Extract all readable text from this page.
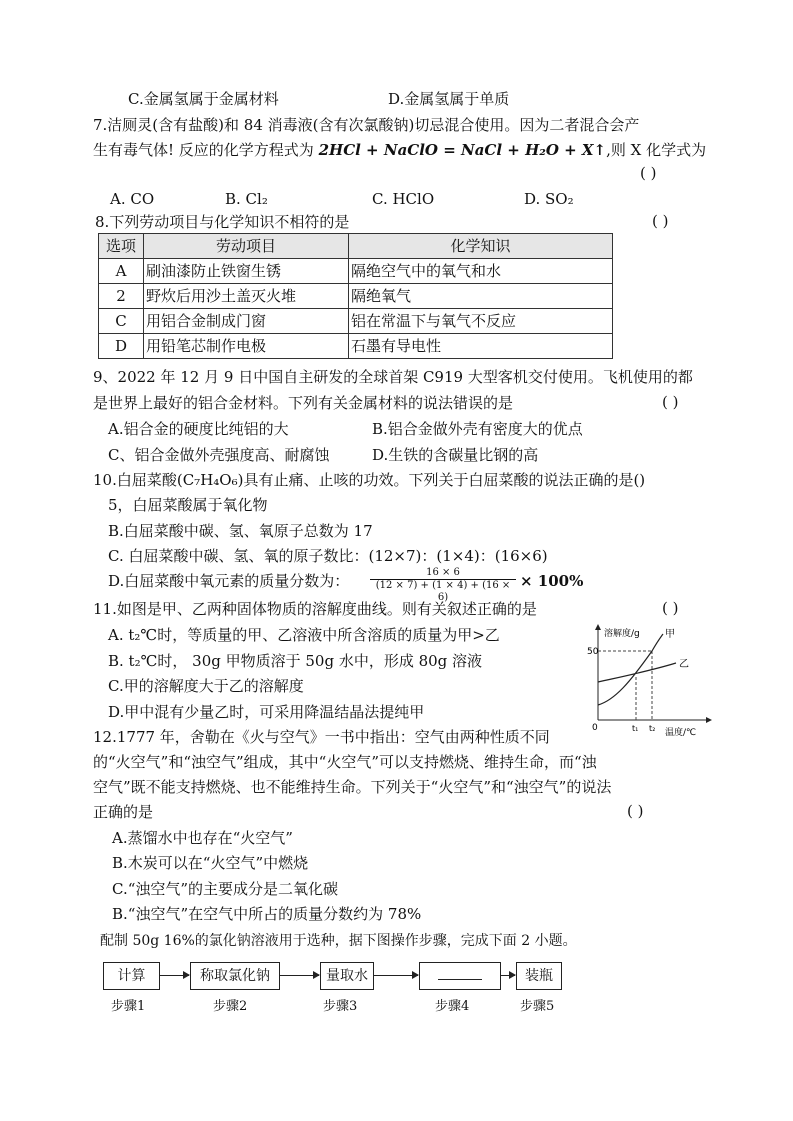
C.金属氢属于金属材料	D.金属氢属于单质
7.洁厕灵(含有盐酸)和 84 消毒液(含有次氯酸钠)切忌混合使用。因为二者混合会产
生有毒气体! 反应的化学方程式为 2HCl + NaClO = NaCl + H₂O + X↑,则 X 化学式为
( )
A. CO	B. Cl₂	C. HClO	D. SO₂
8.下列劳动项目与化学知识不相符的是	( )
选项	劳动项目	化学知识
A	刷油漆防止铁窗生锈	隔绝空气中的氧气和水
2	野炊后用沙土盖灭火堆	隔绝氧气
C	用铝合金制成门窗	铝在常温下与氧气不反应
D	用铅笔芯制作电极	石墨有导电性
9、2022 年 12 月 9 日中国自主研发的全球首架 C919 大型客机交付使用。飞机使用的都
是世界上最好的铝合金材料。下列有关金属材料的说法错误的是	( )
A.铝合金的硬度比纯铝的大	B.铝合金做外壳有密度大的优点
C、铝合金做外壳强度高、耐腐蚀	D.生铁的含碳量比钢的高
10.白屈菜酸(C₇H₄O₆)具有止痛、止咳的功效。下列关于白屈菜酸的说法正确的是()
5，白屈菜酸属于氧化物
B.白屈菜酸中碳、氢、氧原子总数为 17
C. 白屈菜酸中碳、氢、氧的原子数比：(12×7)：(1×4)：(16×6)
D.白屈菜酸中氧元素的质量分数为： $\frac{16 \times 6}{(12 \times 7) + (1 \times 4) + (16 \times 6)} \times 100\%$
11.如图是甲、乙两种固体物质的溶解度曲线。则有关叙述正确的是	( )
A. t₂℃时，等质量的甲、乙溶液中所含溶质的质量为甲>乙
B. t₂℃时， 30g 甲物质溶于 50g 水中，形成 80g 溶液
C.甲的溶解度大于乙的溶解度
D.甲中混有少量乙时，可采用降温结晶法提纯甲
溶解度/g
50
0	t₁ t₂ 温度/℃
甲
乙
12.1777 年，舍勒在《火与空气》一书中指出：空气由两种性质不同
的“火空气”和“浊空气”组成，其中“火空气”可以支持燃烧、维持生命，而“浊
空气”既不能支持燃烧、也不能维持生命。下列关于“火空气”和“浊空气”的说法
正确的是	( )
A.蒸馏水中也存在“火空气”
B.木炭可以在“火空气”中燃烧
C.“浊空气”的主要成分是二氧化碳
B.“浊空气”在空气中所占的质量分数约为 78%
配制 50g 16%的氯化钠溶液用于选种，据下图操作步骤，完成下面 2 小题。
计算	称取氯化钠	量取水	装瓶
步骤1	步骤2	步骤3	步骤4	步骤5
